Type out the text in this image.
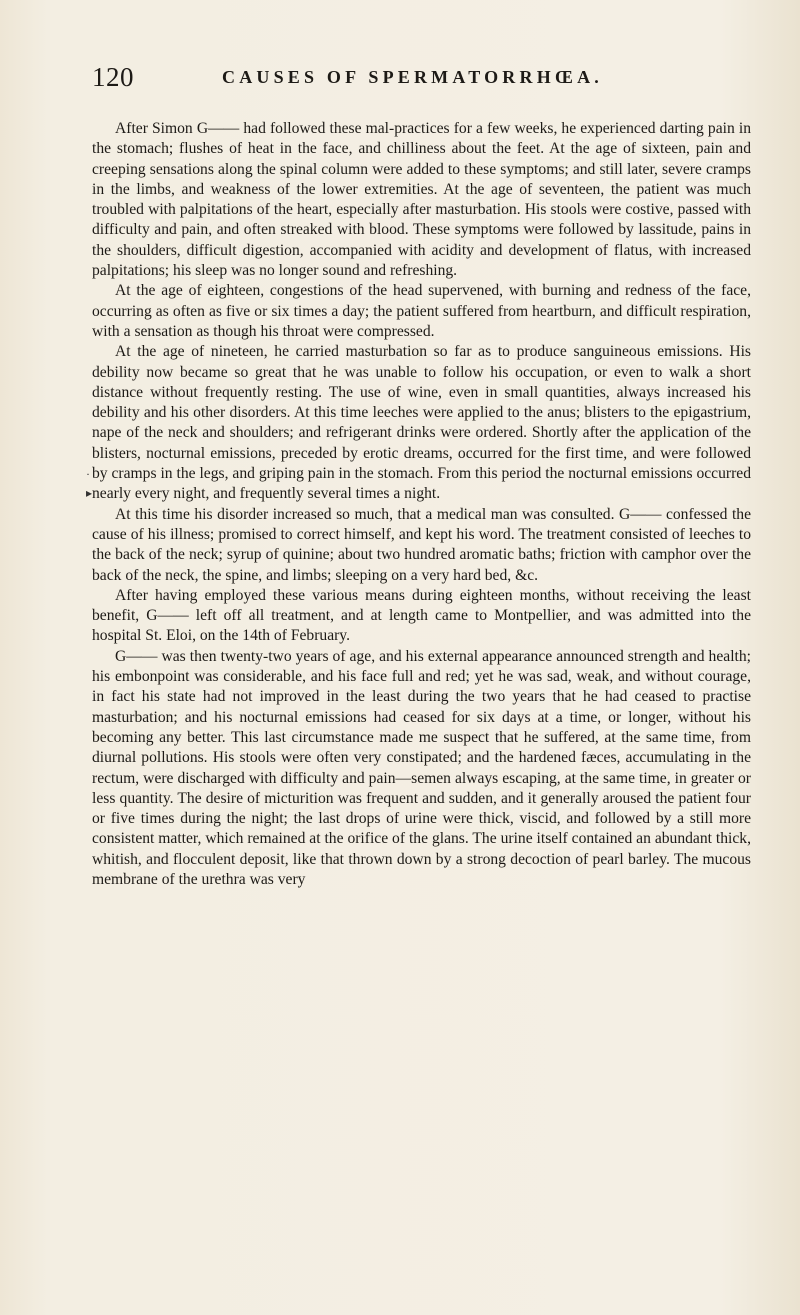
120	CAUSES OF SPERMATORRHŒA.
·
▸

After Simon G—— had followed these mal-practices for a few weeks, he experienced darting pain in the stomach; flushes of heat in the face, and chilliness about the feet. At the age of sixteen, pain and creeping sensations along the spinal column were added to these symptoms; and still later, severe cramps in the limbs, and weakness of the lower extremities. At the age of seventeen, the patient was much troubled with palpitations of the heart, especially after masturbation. His stools were costive, passed with difficulty and pain, and often streaked with blood. These symptoms were followed by lassitude, pains in the shoulders, difficult digestion, accompanied with acidity and development of flatus, with increased palpitations; his sleep was no longer sound and refreshing.

At the age of eighteen, congestions of the head supervened, with burning and redness of the face, occurring as often as five or six times a day; the patient suffered from heartburn, and difficult respiration, with a sensation as though his throat were compressed.

At the age of nineteen, he carried masturbation so far as to produce sanguineous emissions. His debility now became so great that he was unable to follow his occupation, or even to walk a short distance without frequently resting. The use of wine, even in small quantities, always increased his debility and his other disorders. At this time leeches were applied to the anus; blisters to the epigastrium, nape of the neck and shoulders; and refrigerant drinks were ordered. Shortly after the application of the blisters, nocturnal emissions, preceded by erotic dreams, occurred for the first time, and were followed by cramps in the legs, and griping pain in the stomach. From this period the nocturnal emissions occurred nearly every night, and frequently several times a night.

At this time his disorder increased so much, that a medical man was consulted. G—— confessed the cause of his illness; promised to correct himself, and kept his word. The treatment consisted of leeches to the back of the neck; syrup of quinine; about two hundred aromatic baths; friction with camphor over the back of the neck, the spine, and limbs; sleeping on a very hard bed, &c.

After having employed these various means during eighteen months, without receiving the least benefit, G—— left off all treatment, and at length came to Montpellier, and was admitted into the hospital St. Eloi, on the 14th of February.

G—— was then twenty-two years of age, and his external appearance announced strength and health; his embonpoint was considerable, and his face full and red; yet he was sad, weak, and without courage, in fact his state had not improved in the least during the two years that he had ceased to practise masturbation; and his nocturnal emissions had ceased for six days at a time, or longer, without his becoming any better. This last circumstance made me suspect that he suffered, at the same time, from diurnal pollutions. His stools were often very constipated; and the hardened fæces, accumulating in the rectum, were discharged with difficulty and pain—semen always escaping, at the same time, in greater or less quantity. The desire of micturition was frequent and sudden, and it generally aroused the patient four or five times during the night; the last drops of urine were thick, viscid, and followed by a still more consistent matter, which remained at the orifice of the glans. The urine itself contained an abundant thick, whitish, and flocculent deposit, like that thrown down by a strong decoction of pearl barley. The mucous membrane of the urethra was very
